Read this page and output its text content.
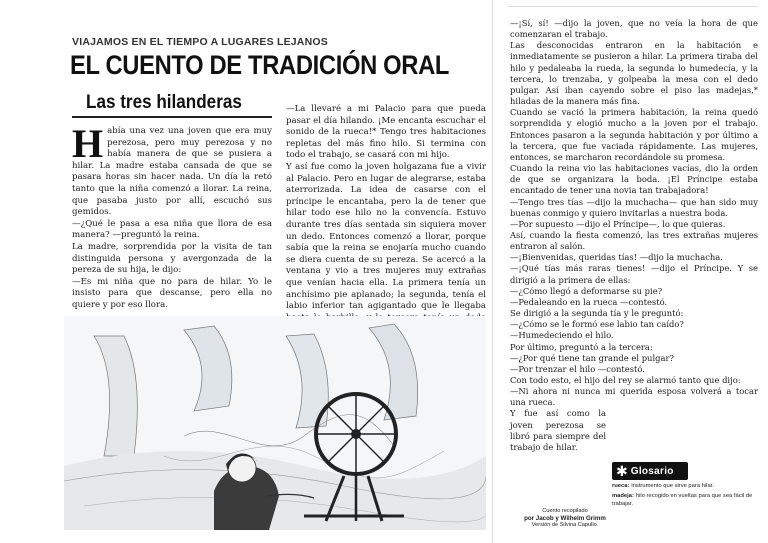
VIAJAMOS EN EL TIEMPO A LUGARES LEJANOS
EL CUENTO DE TRADICIÓN ORAL
Las tres hilanderas

Había una vez una joven que era muy perezosa, pero muy perezosa y no había manera de que se pusiera a hilar. La madre estaba cansada de que se pasara horas sin hacer nada. Un día la retó tanto que la niña comenzó a llorar. La reina, que pasaba justo por allí, escuchó sus gemidos.

—¿Qué le pasa a esa niña que llora de esa manera? —preguntó la reina.

La madre, sorprendida por la visita de tan distinguida persona y avergonzada de la pereza de su hija, le dijo:

—Es mi niña que no para de hilar. Yo le insisto para que descanse, pero ella no quiere y por eso llora.

—La llevaré a mi Palacio para que pueda pasar el día hilando. ¡Me encanta escuchar el sonido de la rueca!* Tengo tres habitaciones repletas del más fino hilo. Si termina con todo el trabajo, se casará con mi hijo.

Y así fue como la joven holgazana fue a vivir al Palacio. Pero en lugar de alegrarse, estaba aterrorizada. La idea de casarse con el príncipe le encantaba, pero la de tener que hilar todo ese hilo no la convencía. Estuvo durante tres días sentada sin siquiera mover un dedo. Entonces comenzó a llorar, porque sabía que la reina se enojaría mucho cuando se diera cuenta de su pereza. Se acercó a la ventana y vio a tres mujeres muy extrañas que venían hacia ella. La primera tenía un anchísimo pie aplanado; la segunda, tenía el labio inferior tan agigantado que le llegaba

—¡Sí, sí! —dijo la joven, que no veía la hora de que comenzaran el trabajo.

Las desconocidas entraron en la habitación e inmediatamente se pusieron a hilar. La primera tiraba del hilo y pedaleaba la rueda, la segunda lo humedecía, y la tercera, lo trenzaba, y golpeaba la mesa con el dedo pulgar. Así iban cayendo sobre el piso las madejas,* hiladas de la manera más fina.

Cuando se vació la primera habitación, la reina quedó sorprendida y elogió mucho a la joven por el trabajo. Entonces pasaron a la segunda habitación y por último a la tercera, que fue vaciada rápidamente. Las mujeres, entonces, se marcharon recordándole su promesa.

Cuando la reina vio las habitaciones vacías, dio la orden de que se organizara la boda. ¡El Príncipe estaba encantado de tener una novia tan trabajadora!

—Tengo tres tías —dijo la muchacha— que han sido muy buenas conmigo y quiero invitarlas a nuestra boda.

—Por supuesto —dijo el Príncipe—, lo que quieras.

Así, cuando la fiesta comenzó, las tres extrañas mujeres entraron al salón.

—¡Bienvenidas, queridas tías! —dijo la muchacha.

—¡Qué tías más raras tienes! —dijo el Príncipe. Y se dirigió a la primera de ellas:

—¿Cómo llegó a deformarse su pie?

—Pedaleando en la rueca —contestó.

Se dirigió a la segunda tía y le preguntó:

—¿Cómo se le formó ese labio tan caído?

—Humedeciendo el hilo.

Por último, preguntó a la tercera:

—¿Por qué tiene tan grande el pulgar?

—Por trenzar el hilo —contestó.

Con todo esto, el hijo del rey se alarmó tanto que dijo:

—Ni ahora ni nunca mi querida esposa volverá a tocar una rueca.

Y fue así como la joven perezosa se libró para siempre del trabajo de hilar.

Cuento recopilado
por Jacob y Wilhelm Grimm
Versión de Silvina Capullo.
✱ Glosario
rueca: instrumento que sirve para hilar.
madeja: hilo recogido en vueltas para que sea fácil de trabajar.
